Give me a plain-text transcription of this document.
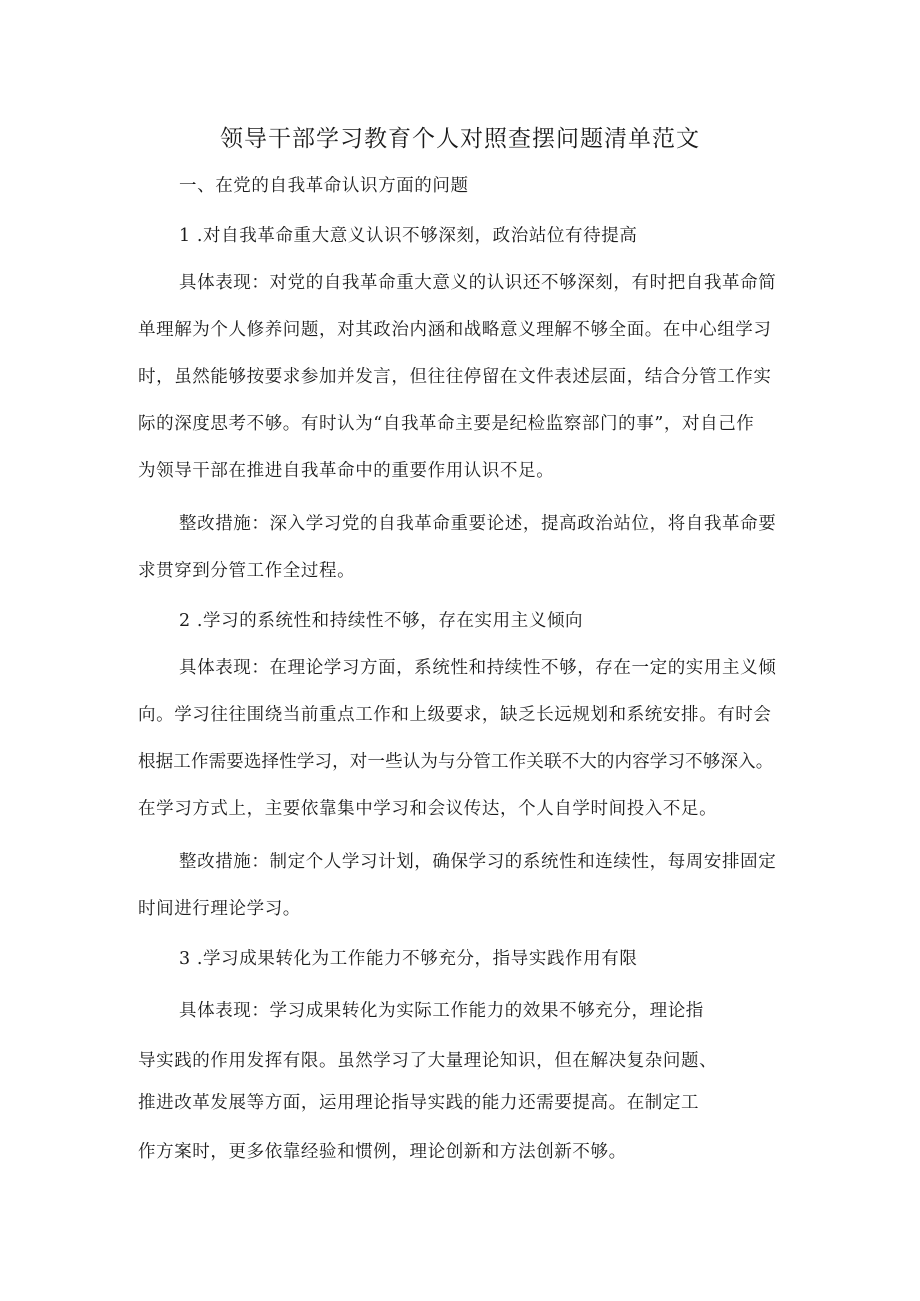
领导干部学习教育个人对照查摆问题清单范文
一、在党的自我革命认识方面的问题
1 .对自我革命重大意义认识不够深刻，政治站位有待提高
具体表现：对党的自我革命重大意义的认识还不够深刻，有时把自我革命简
单理解为个人修养问题，对其政治内涵和战略意义理解不够全面。在中心组学习
时，虽然能够按要求参加并发言，但往往停留在文件表述层面，结合分管工作实
际的深度思考不够。有时认为“自我革命主要是纪检监察部门的事”，对自己作
为领导干部在推进自我革命中的重要作用认识不足。
整改措施：深入学习党的自我革命重要论述，提高政治站位，将自我革命要
求贯穿到分管工作全过程。
2 .学习的系统性和持续性不够，存在实用主义倾向
具体表现：在理论学习方面，系统性和持续性不够，存在一定的实用主义倾
向。学习往往围绕当前重点工作和上级要求，缺乏长远规划和系统安排。有时会
根据工作需要选择性学习，对一些认为与分管工作关联不大的内容学习不够深入。
在学习方式上，主要依靠集中学习和会议传达，个人自学时间投入不足。
整改措施：制定个人学习计划，确保学习的系统性和连续性，每周安排固定
时间进行理论学习。
3 .学习成果转化为工作能力不够充分，指导实践作用有限
具体表现：学习成果转化为实际工作能力的效果不够充分，理论指
导实践的作用发挥有限。虽然学习了大量理论知识，但在解决复杂问题、
推进改革发展等方面，运用理论指导实践的能力还需要提高。在制定工
作方案时，更多依靠经验和惯例，理论创新和方法创新不够。
